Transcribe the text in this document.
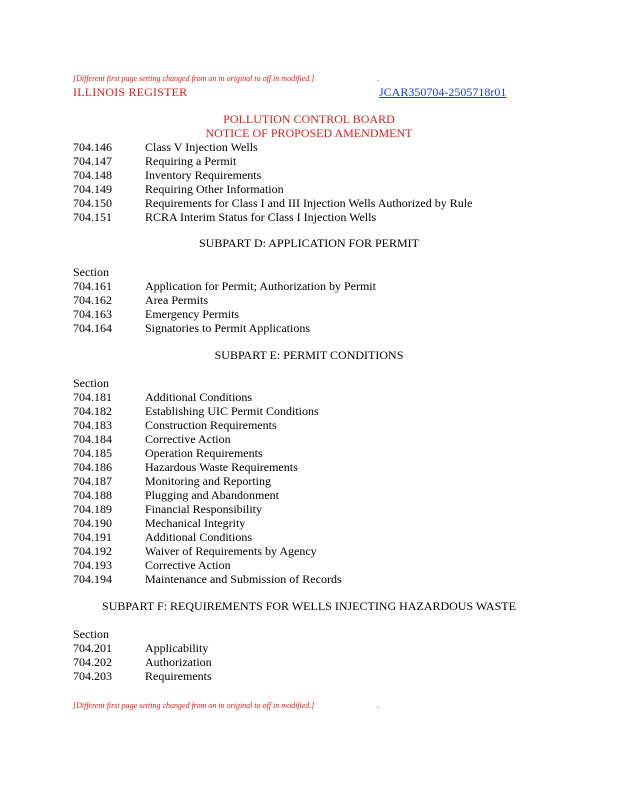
[Different first page setting changed from on in original to off in modified.]	.
ILLINOIS REGISTER	JCAR350704-2505718r01
POLLUTION CONTROL BOARD
NOTICE OF PROPOSED AMENDMENT
704.146	Class V Injection Wells
704.147	Requiring a Permit
704.148	Inventory Requirements
704.149	Requiring Other Information
704.150	Requirements for Class I and III Injection Wells Authorized by Rule
704.151	RCRA Interim Status for Class I Injection Wells
SUBPART D: APPLICATION FOR PERMIT
Section
704.161	Application for Permit; Authorization by Permit
704.162	Area Permits
704.163	Emergency Permits
704.164	Signatories to Permit Applications
SUBPART E: PERMIT CONDITIONS
Section
704.181	Additional Conditions
704.182	Establishing UIC Permit Conditions
704.183	Construction Requirements
704.184	Corrective Action
704.185	Operation Requirements
704.186	Hazardous Waste Requirements
704.187	Monitoring and Reporting
704.188	Plugging and Abandonment
704.189	Financial Responsibility
704.190	Mechanical Integrity
704.191	Additional Conditions
704.192	Waiver of Requirements by Agency
704.193	Corrective Action
704.194	Maintenance and Submission of Records
SUBPART F: REQUIREMENTS FOR WELLS INJECTING HAZARDOUS WASTE
Section
704.201	Applicability
704.202	Authorization
704.203	Requirements
[Different first page setting changed from on in original to off in modified.]	.
